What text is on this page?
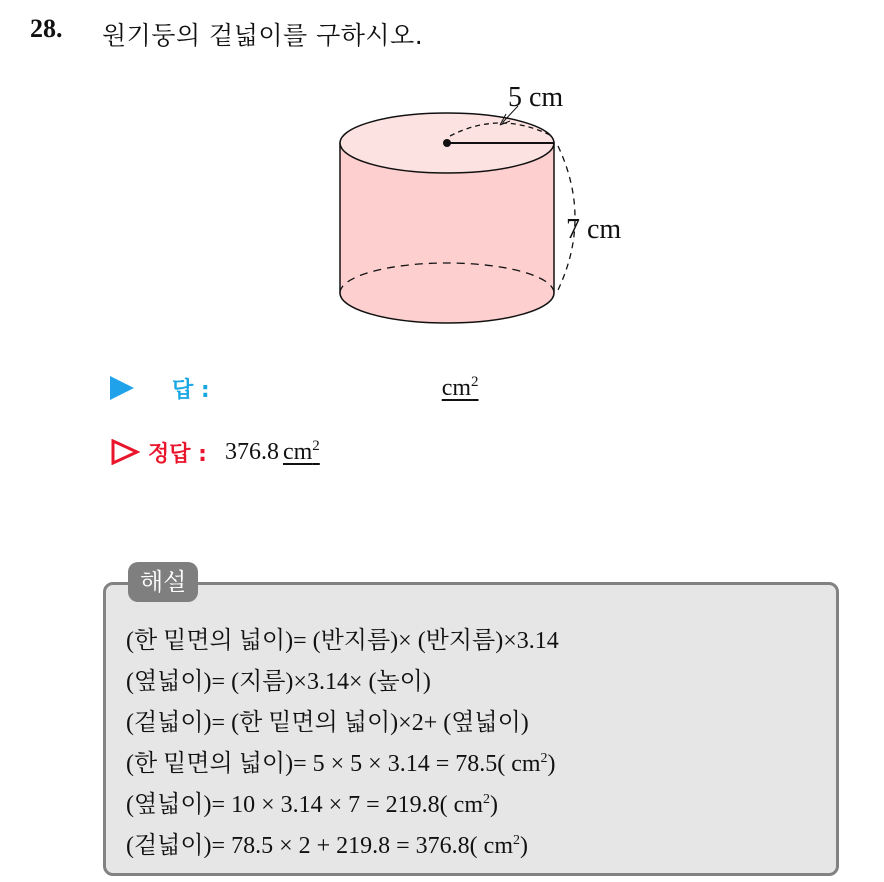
28. 원기둥의 겉넓이를 구하시오.
5 cm
7 cm
답 :	$cm^2$
정답 : 376.8 $cm^2$
해설
(한 밑면의 넓이)= (반지름)× (반지름)×3.14
(옆넓이)= (지름)×3.14× (높이)
(겉넓이)= (한 밑면의 넓이)×2+ (옆넓이)
(한 밑면의 넓이)= 5 × 5 × 3.14 = 78.5( $cm^2$)
(옆넓이)= 10 × 3.14 × 7 = 219.8( $cm^2$)
(겉넓이)= 78.5 × 2 + 219.8 = 376.8( $cm^2$)
